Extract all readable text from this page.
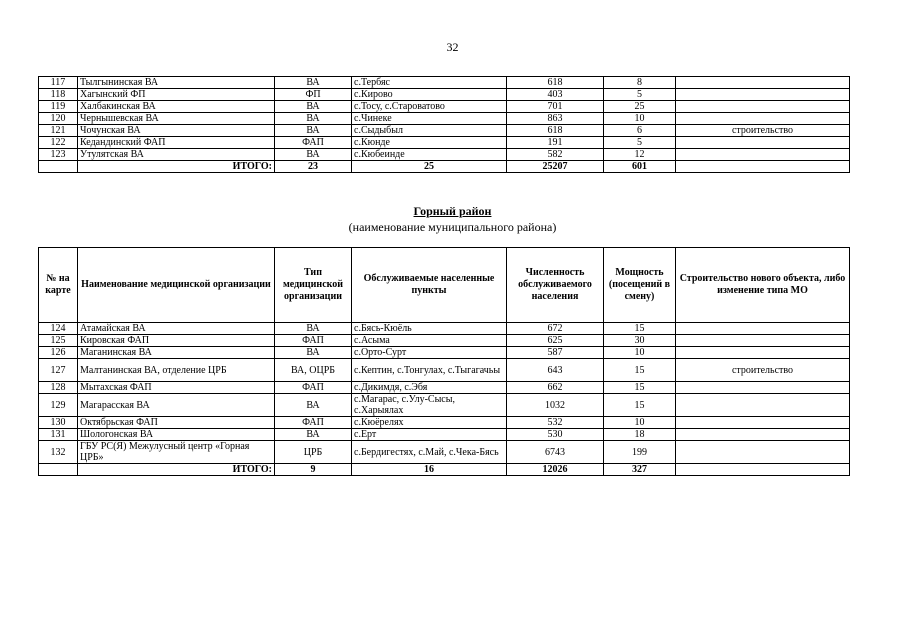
32
117	Тылгынинская ВА	ВА	с.Тербяс	618	8	
118	Хагынский ФП	ФП	с.Кирово	403	5	
119	Халбакинская ВА	ВА	с.Тосу, с.Староватово	701	25	
120	Чернышевская ВА	ВА	с.Чинеке	863	10	
121	Чочунская ВА	ВА	с.Сыдыбыл	618	6	строительство
122	Кедандинский ФАП	ФАП	с.Кюнде	191	5	
123	Утулятская ВА	ВА	с.Кюбеинде	582	12	
	ИТОГО:	23	25	25207	601	
Горный район
(наименование муниципального района)
№ на карте	Наименование медицинской организации	Тип медицинской организации	Обслуживаемые населенные пункты	Численность обслуживаемого населения	Мощность (посещений в смену)	Строительство нового объекта, либо изменение типа МО
124	Атамайская ВА	ВА	с.Бясь-Кюёль	672	15	
125	Кировская ФАП	ФАП	с.Асыма	625	30	
126	Маганинская ВА	ВА	с.Орто-Сурт	587	10	
127	Малтанинская ВА, отделение ЦРБ	ВА, ОЦРБ	с.Кептин, с.Тонгулах, с.Тыгагачьы	643	15	строительство
128	Мытахская ФАП	ФАП	с.Дикимдя, с.Эбя	662	15	
129	Магарасская ВА	ВА	с.Магарас, с.Улу-Сысы, с.Харыялах	1032	15	
130	Октябрьская ФАП	ФАП	с.Кюёрелях	532	10	
131	Шологонская ВА	ВА	с.Ерт	530	18	
132	ГБУ РС(Я) Межулусный центр «Горная ЦРБ»	ЦРБ	с.Бердигестях, с.Май, с.Чека-Бясь	6743	199	
	ИТОГО:	9	16	12026	327	
